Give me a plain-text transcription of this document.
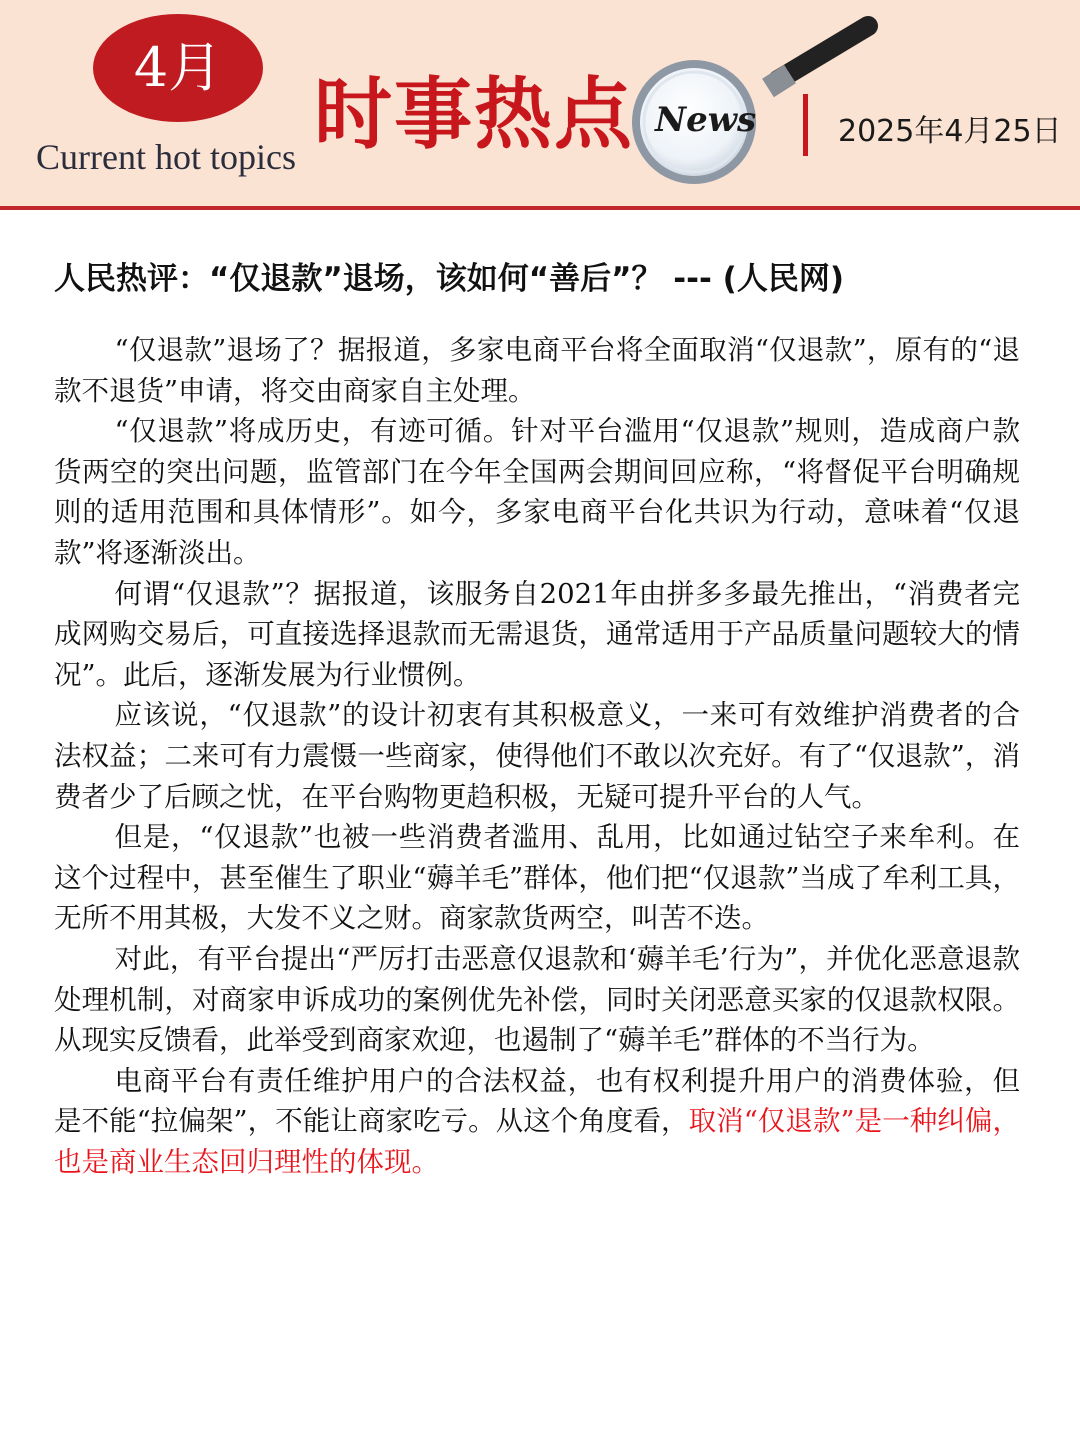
4月
Current hot topics 时事热点 News	2025年4月25日
人民热评：“仅退款”退场，该如何“善后”？ --- (人民网)

“仅退款”退场了？据报道，多家电商平台将全面取消“仅退款”，原有的“退款不退货”申请，将交由商家自主处理。

“仅退款”将成历史，有迹可循。针对平台滥用“仅退款”规则，造成商户款货两空的突出问题，监管部门在今年全国两会期间回应称，“将督促平台明确规则的适用范围和具体情形”。如今，多家电商平台化共识为行动，意味着“仅退款”将逐渐淡出。

何谓“仅退款”？据报道，该服务自2021年由拼多多最先推出，“消费者完成网购交易后，可直接选择退款而无需退货，通常适用于产品质量问题较大的情况”。此后，逐渐发展为行业惯例。

应该说，“仅退款”的设计初衷有其积极意义，一来可有效维护消费者的合法权益；二来可有力震慑一些商家，使得他们不敢以次充好。有了“仅退款”，消费者少了后顾之忧，在平台购物更趋积极，无疑可提升平台的人气。

但是，“仅退款”也被一些消费者滥用、乱用，比如通过钻空子来牟利。在这个过程中，甚至催生了职业“薅羊毛”群体，他们把“仅退款”当成了牟利工具，无所不用其极，大发不义之财。商家款货两空，叫苦不迭。

对此，有平台提出“严厉打击恶意仅退款和‘薅羊毛’行为”，并优化恶意退款处理机制，对商家申诉成功的案例优先补偿，同时关闭恶意买家的仅退款权限。从现实反馈看，此举受到商家欢迎，也遏制了“薅羊毛”群体的不当行为。

电商平台有责任维护用户的合法权益，也有权利提升用户的消费体验，但是不能“拉偏架”，不能让商家吃亏。从这个角度看，取消“仅退款”是一种纠偏，也是商业生态回归理性的体现。
